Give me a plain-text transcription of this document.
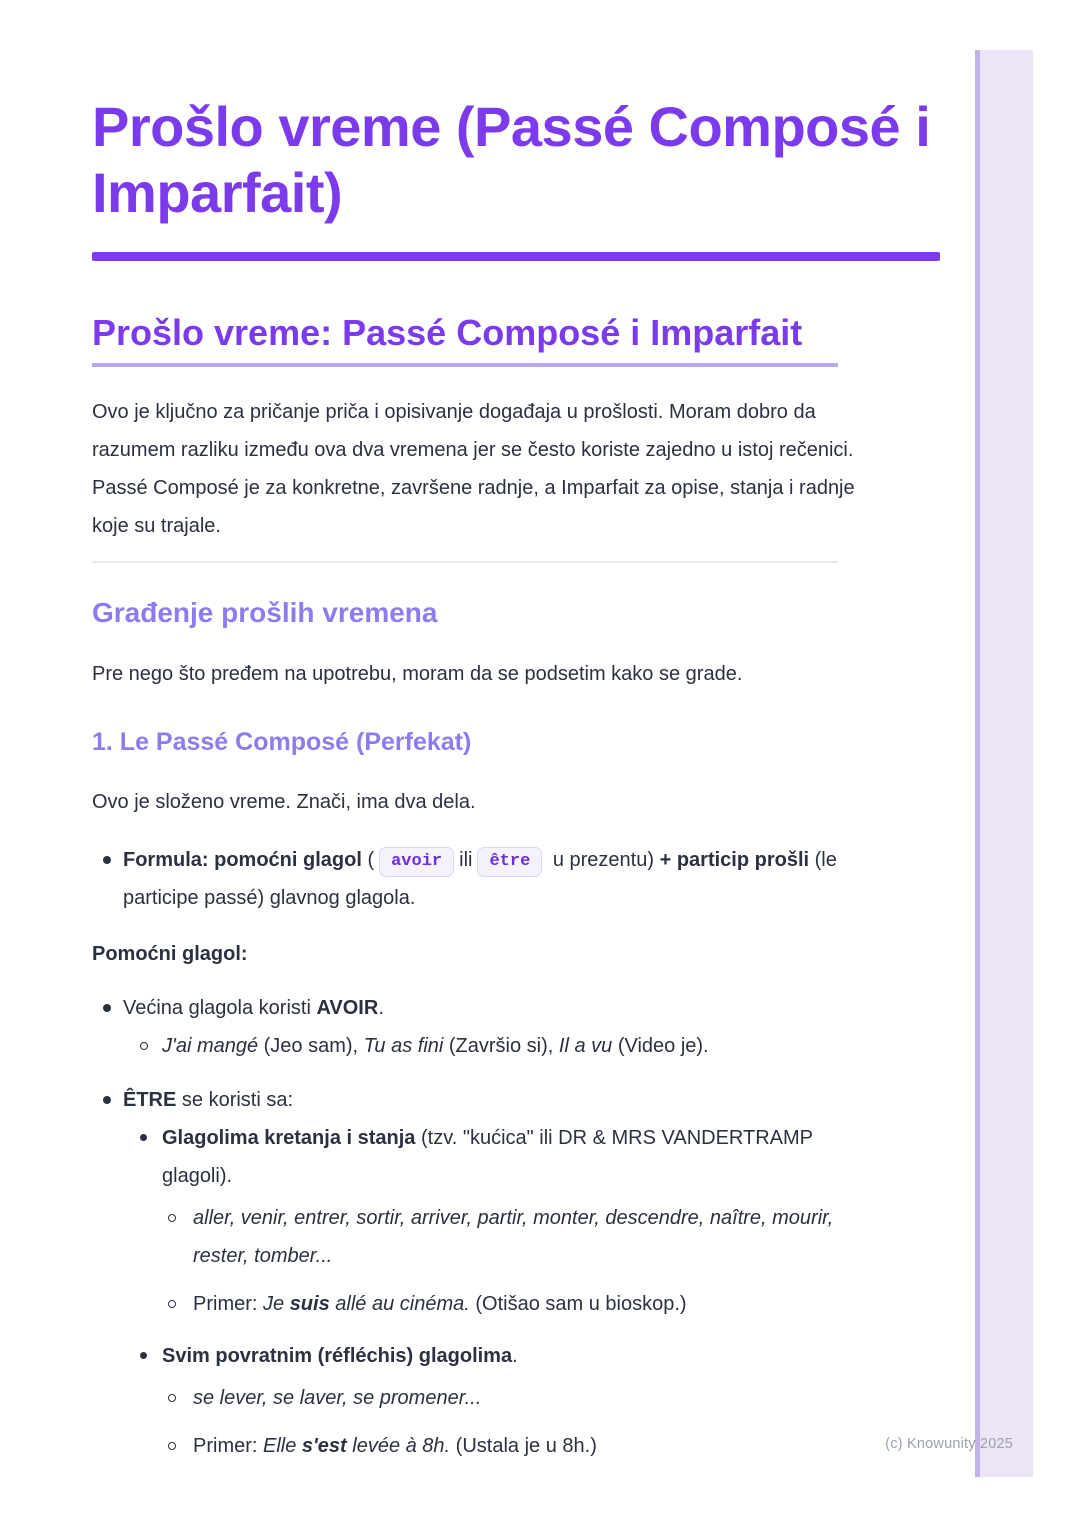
Prošlo vreme (Passé Composé i Imparfait)
Prošlo vreme: Passé Composé i Imparfait

Ovo je ključno za pričanje priča i opisivanje događaja u prošlosti. Moram dobro da razumem razliku između ova dva vremena jer se često koriste zajedno u istoj rečenici. Passé Composé je za konkretne, završene radnje, a Imparfait za opise, stanja i radnje koje su trajale.

Građenje prošlih vremena

Pre nego što pređem na upotrebu, moram da se podsetim kako se grade.

1. Le Passé Composé (Perfekat)

Ovo je složeno vreme. Znači, ima dva dela.

Formula: pomoćni glagol ( avoir ili être u prezentu) + particip prošli (le participe passé) glavnog glagola.

Pomoćni glagol:

Većina glagola koristi AVOIR.
J'ai mangé (Jeo sam), Tu as fini (Završio si), Il a vu (Video je).
ÊTRE se koristi sa:
Glagolima kretanja i stanja (tzv. "kućica" ili DR & MRS VANDERTRAMP glagoli).
aller, venir, entrer, sortir, arriver, partir, monter, descendre, naître, mourir, rester, tomber...
Primer: Je suis allé au cinéma. (Otišao sam u bioskop.)
Svim povratnim (réfléchis) glagolima.
se lever, se laver, se promener...
Primer: Elle s'est levée à 8h. (Ustala je u 8h.)	(c) Knowunity 2025
